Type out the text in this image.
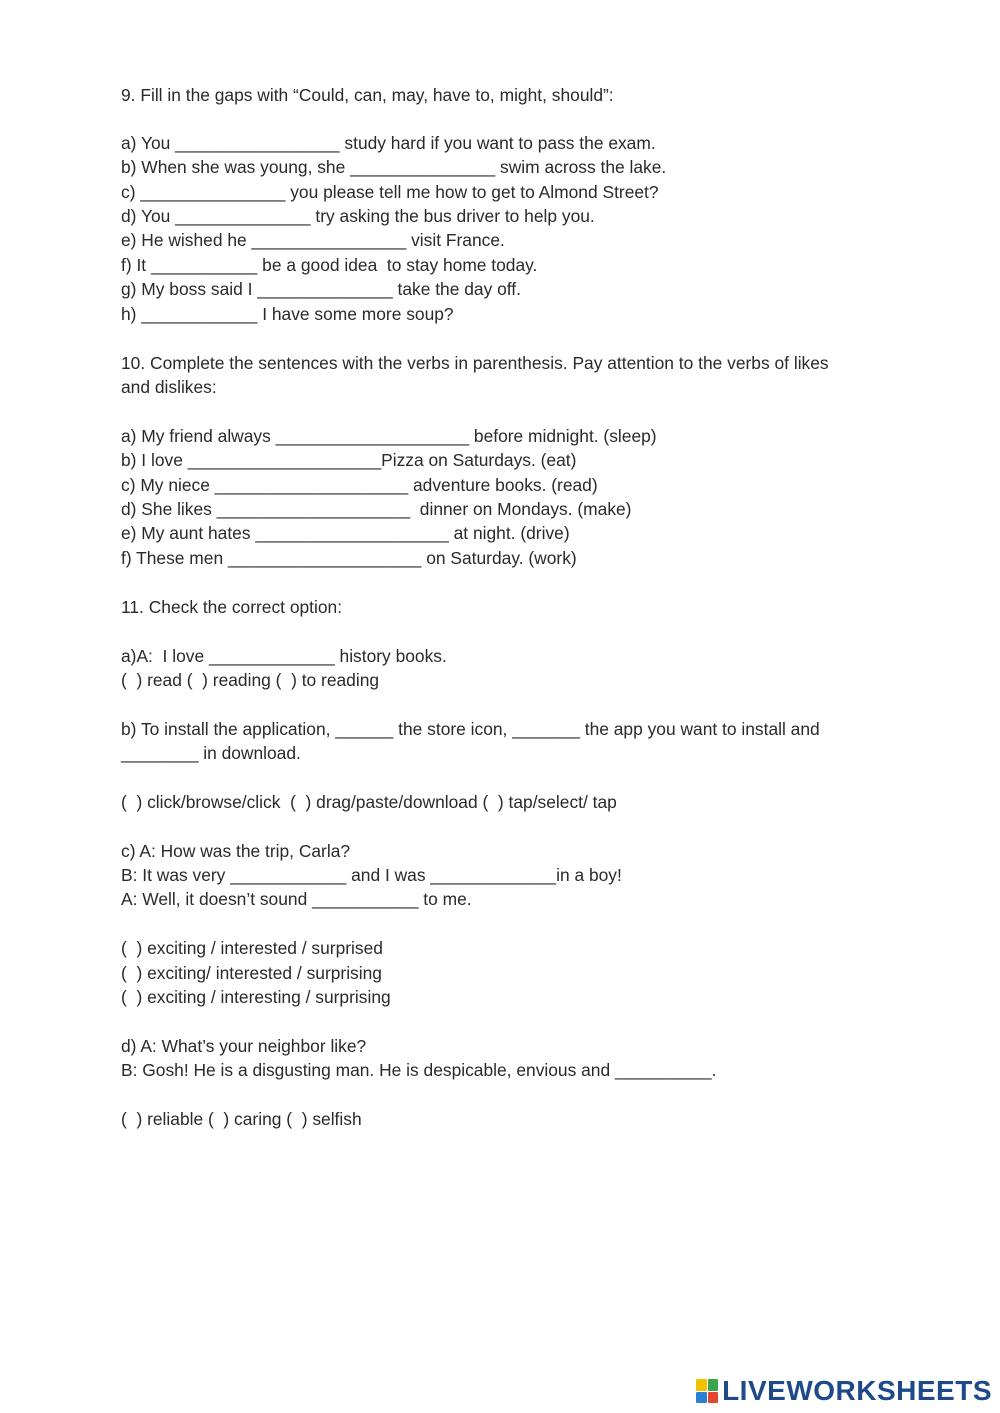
9. Fill in the gaps with “Could, can, may, have to, might, should”:
a) You _________________ study hard if you want to pass the exam.
b) When she was young, she _______________ swim across the lake.
c) _______________ you please tell me how to get to Almond Street?
d) You ______________ try asking the bus driver to help you.
e) He wished he ________________ visit France.
f) It ___________ be a good idea  to stay home today.
g) My boss said I ______________ take the day off.
h) ____________ I have some more soup?
10. Complete the sentences with the verbs in parenthesis. Pay attention to the verbs of likes
and dislikes:
a) My friend always ____________________ before midnight. (sleep)
b) I love ____________________Pizza on Saturdays. (eat)
c) My niece ____________________ adventure books. (read)
d) She likes ____________________  dinner on Mondays. (make)
e) My aunt hates ____________________ at night. (drive)
f) These men ____________________ on Saturday. (work)
11. Check the correct option:
a)A:  I love _____________ history books.
(  ) read (  ) reading (  ) to reading
b) To install the application, ______ the store icon, _______ the app you want to install and
________ in download.
(  ) click/browse/click  (  ) drag/paste/download (  ) tap/select/ tap
c) A: How was the trip, Carla?
B: It was very ____________ and I was _____________in a boy!
A: Well, it doesn’t sound ___________ to me.
(  ) exciting / interested / surprised
(  ) exciting/ interested / surprising
(  ) exciting / interesting / surprising
d) A: What’s your neighbor like?
B: Gosh! He is a disgusting man. He is despicable, envious and __________.
(  ) reliable (  ) caring (  ) selfish
LIVEWORKSHEETS
